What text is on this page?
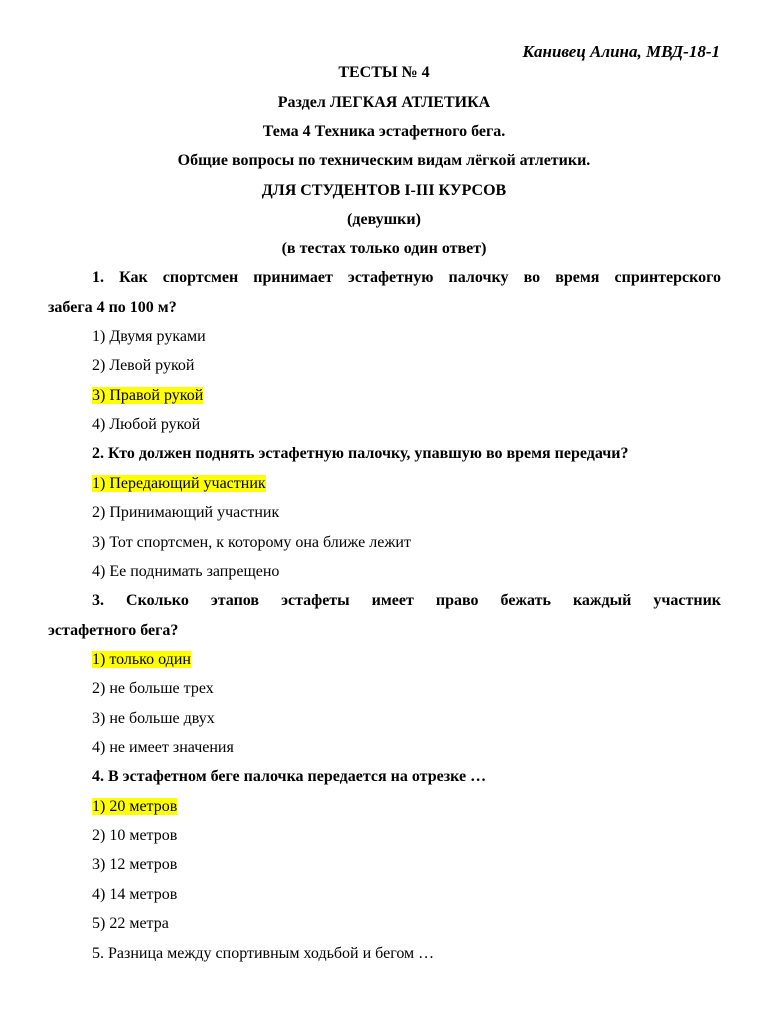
Канивец Алина, МВД-18-1
ТЕСТЫ № 4
Раздел ЛЕГКАЯ АТЛЕТИКА
Тема 4 Техника эстафетного бега.
Общие вопросы по техническим видам лёгкой атлетики.
ДЛЯ СТУДЕНТОВ I-III КУРСОВ
(девушки)
(в тестах только один ответ)
1. Как спортсмен принимает эстафетную палочку во время спринтерского
забега 4 по 100 м?
1) Двумя руками
2) Левой рукой
3) Правой рукой
4) Любой рукой
2. Кто должен поднять эстафетную палочку, упавшую во время передачи?
1) Передающий участник
2) Принимающий участник
3) Тот спортсмен, к которому она ближе лежит
4) Ее поднимать запрещено
3. Сколько этапов эстафеты имеет право бежать каждый участник
эстафетного бега?
1) только один
2) не больше трех
3) не больше двух
4) не имеет значения
4. В эстафетном беге палочка передается на отрезке …
1) 20 метров
2) 10 метров
3) 12 метров
4) 14 метров
5) 22 метра
5. Разница между спортивным ходьбой и бегом …
